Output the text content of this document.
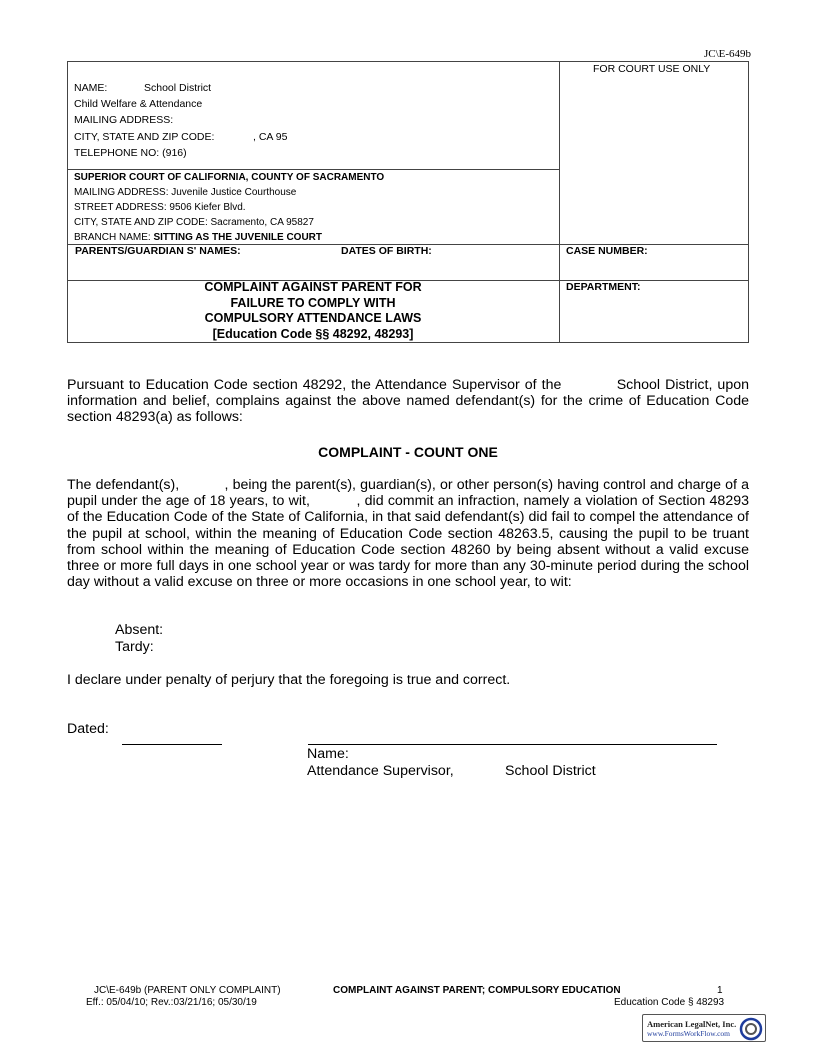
JC\E-649b
FOR COURT USE ONLY
NAME:	School District
Child Welfare & Attendance
MAILING ADDRESS:
CITY, STATE AND ZIP CODE:	, CA 95
TELEPHONE NO: (916)
SUPERIOR COURT OF CALIFORNIA, COUNTY OF SACRAMENTO
MAILING ADDRESS: Juvenile Justice Courthouse
STREET ADDRESS: 9506 Kiefer Blvd.
CITY, STATE AND ZIP CODE: Sacramento, CA 95827
BRANCH NAME: SITTING AS THE JUVENILE COURT
PARENTS/GUARDIAN S' NAMES:	DATES OF BIRTH:	CASE NUMBER:
DEPARTMENT:
COMPLAINT AGAINST PARENT FOR
FAILURE TO COMPLY WITH
COMPULSORY ATTENDANCE LAWS
[Education Code §§ 48292, 48293]

Pursuant to Education Code section 48292, the Attendance Supervisor of the           School District, upon information and belief, complains against the above named defendant(s) for the crime of Education Code section 48293(a) as follows:

COMPLAINT - COUNT ONE

The defendant(s),           , being the parent(s), guardian(s), or other person(s) having control and charge of a pupil under the age of 18 years, to wit,           , did commit an infraction, namely a violation of Section 48293 of the Education Code of the State of California, in that said defendant(s) did fail to compel the attendance of the pupil at school, within the meaning of Education Code section 48263.5, causing the pupil to be truant from school within the meaning of Education Code section 48260 by being absent without a valid excuse three or more full days in one school year or was tardy for more than any 30-minute period during the school day without a valid excuse on three or more occasions in one school year, to wit:

Absent:
Tardy:
I declare under penalty of perjury that the foregoing is true and correct.
Dated:
Name:
Attendance Supervisor,	School District
JC\E-649b (PARENT ONLY COMPLAINT)
Eff.: 05/04/10; Rev.:03/21/16; 05/30/19
COMPLAINT AGAINST PARENT; COMPULSORY EDUCATION	1
Education Code § 48293
American LegalNet, Inc.
www.FormsWorkFlow.com
